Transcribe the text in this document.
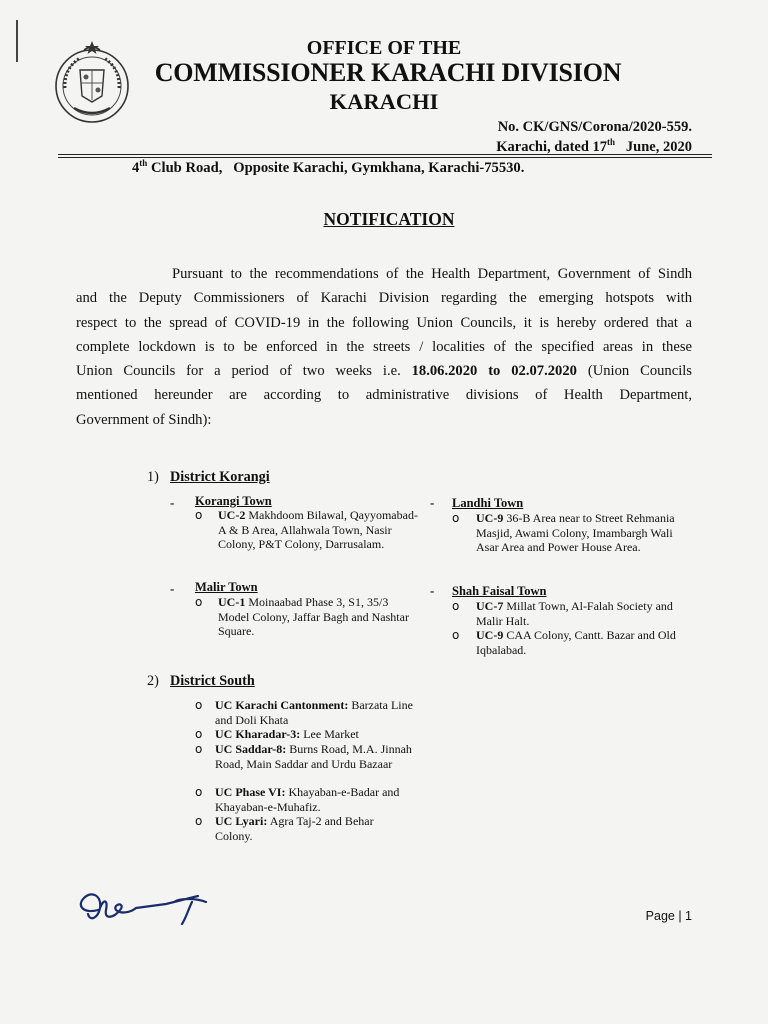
OFFICE OF THE
COMMISSIONER KARACHI DIVISION
KARACHI
No. CK/GNS/Corona/2020-559.
Karachi, dated 17th June, 2020
4th Club Road,   Opposite Karachi, Gymkhana, Karachi-75530.
NOTIFICATION
Pursuant to the recommendations of the Health Department, Government of Sindh
and the Deputy Commissioners of Karachi Division regarding the emerging hotspots with
respect to the spread of COVID-19 in the following Union Councils, it is hereby ordered that a
complete lockdown is to be enforced in the streets / localities of the specified areas in these
Union Councils for a period of two weeks i.e. 18.06.2020 to 02.07.2020 (Union Councils
mentioned hereunder are according to administrative divisions of Health Department,
Government of Sindh):
1) District Korangi
- Korangi Town
o UC-2 Makhdoom Bilawal, Qayyomabad-A & B Area, Allahwala Town, Nasir Colony, P&T Colony, Darrusalam.
- Landhi Town
o UC-9 36-B Area near to Street Rehmania Masjid, Awami Colony, Imambargh Wali Asar Area and Power House Area.
- Malir Town
o UC-1 Moinaabad Phase 3, S1, 35/3 Model Colony, Jaffar Bagh and Nashtar Square.
- Shah Faisal Town
o UC-7 Millat Town, Al-Falah Society and Malir Halt.
o UC-9 CAA Colony, Cantt. Bazar and Old Iqbalabad.
2) District South
o UC Karachi Cantonment: Barzata Line and Doli Khata
o UC Kharadar-3: Lee Market
o UC Saddar-8: Burns Road, M.A. Jinnah Road, Main Saddar and Urdu Bazaar
o UC Phase VI: Khayaban-e-Badar and Khayaban-e-Muhafiz.
o UC Lyari: Agra Taj-2 and Behar Colony.
Page | 1
